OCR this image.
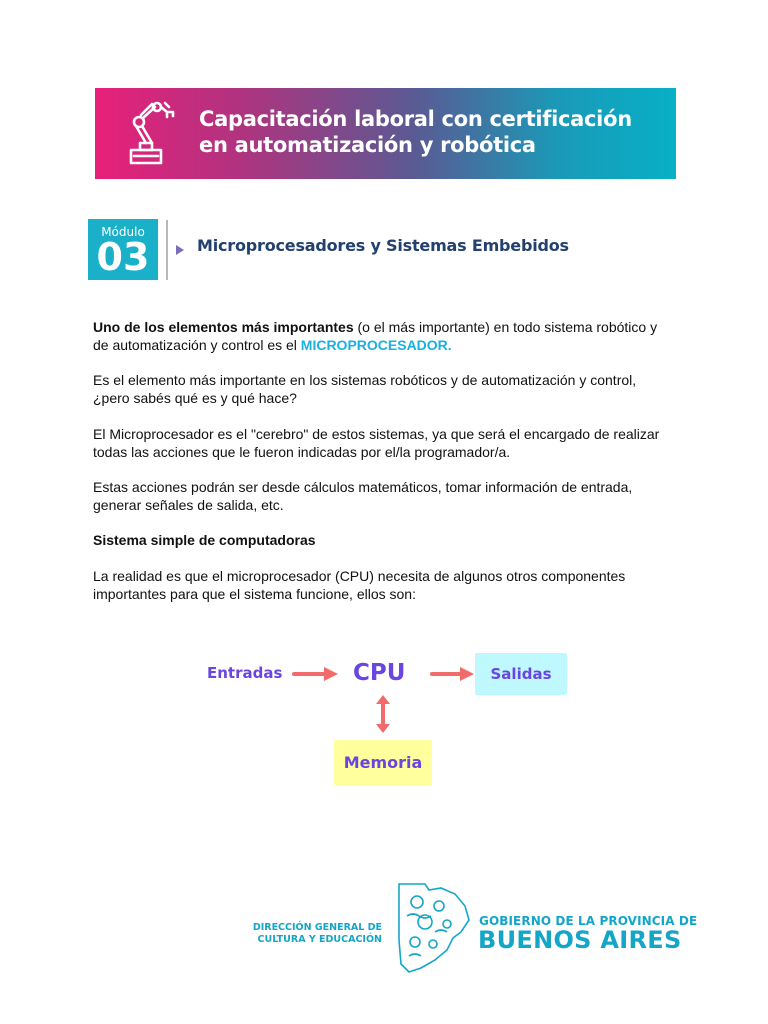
Capacitación laboral con certificación
en automatización y robótica
Módulo
03	Microprocesadores y Sistemas Embebidos
Uno de los elementos más importantes (o el más importante) en todo sistema robótico y
de automatización y control es el MICROPROCESADOR.
Es el elemento más importante en los sistemas robóticos y de automatización y control,
¿pero sabés qué es y qué hace?
El Microprocesador es el "cerebro" de estos sistemas, ya que será el encargado de realizar
todas las acciones que le fueron indicadas por el/la programador/a.
Estas acciones podrán ser desde cálculos matemáticos, tomar información de entrada,
generar señales de salida, etc.
Sistema simple de computadoras
La realidad es que el microprocesador (CPU) necesita de algunos otros componentes
importantes para que el sistema funcione, ellos son:
Entradas	CPU	Salidas
Memoria
DIRECCIÓN GENERAL DE
CULTURA Y EDUCACIÓN
GOBIERNO DE LA PROVINCIA DE
BUENOS AIRES
